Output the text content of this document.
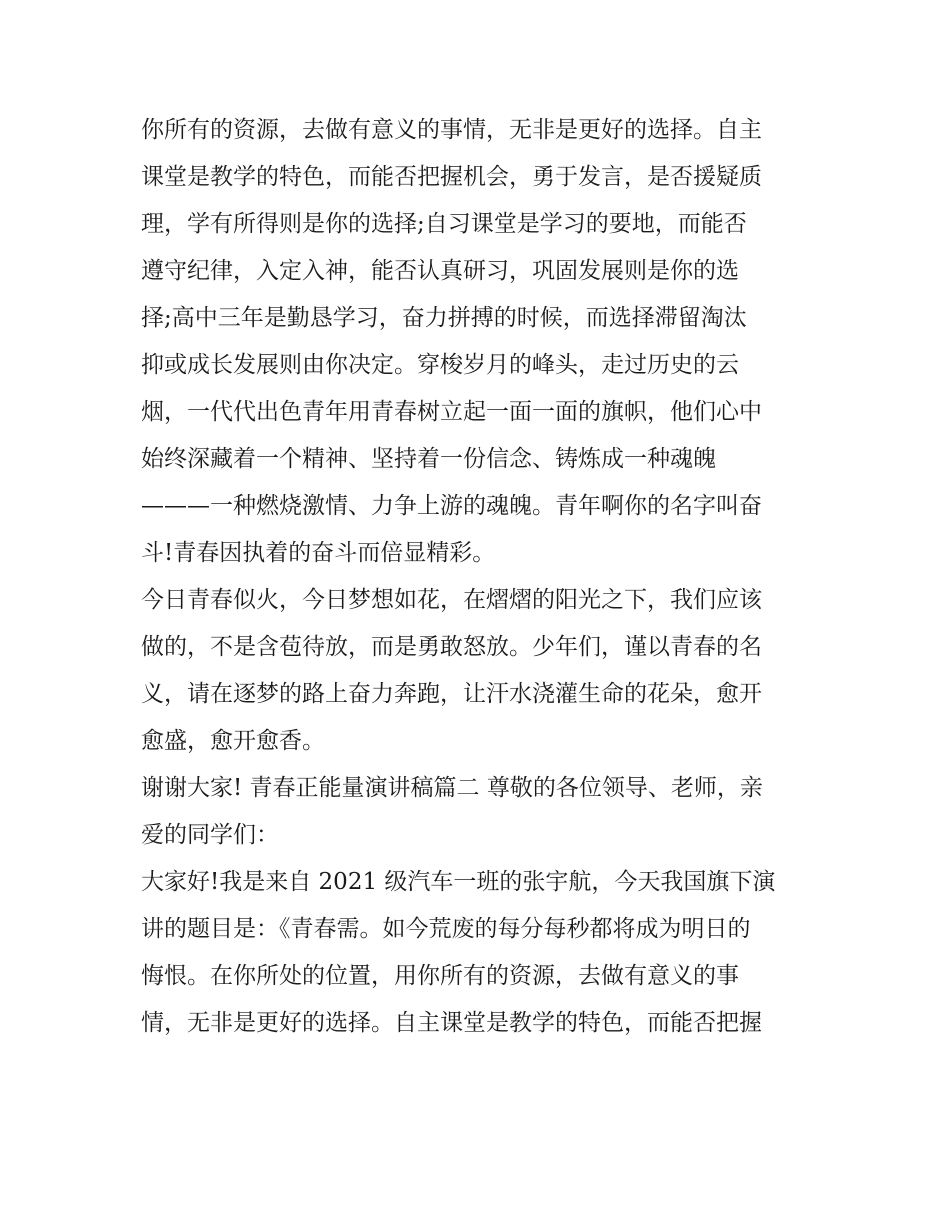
你所有的资源，去做有意义的事情，无非是更好的选择。自主
课堂是教学的特色，而能否把握机会，勇于发言，是否援疑质
理，学有所得则是你的选择;自习课堂是学习的要地，而能否
遵守纪律，入定入神，能否认真研习，巩固发展则是你的选
择;高中三年是勤恳学习，奋力拼搏的时候，而选择滞留淘汰
抑或成长发展则由你决定。穿梭岁月的峰头，走过历史的云
烟，一代代出色青年用青春树立起一面一面的旗帜，他们心中
始终深藏着一个精神、坚持着一份信念、铸炼成一种魂魄
———一种燃烧激情、力争上游的魂魄。青年啊你的名字叫奋
斗!青春因执着的奋斗而倍显精彩。
今日青春似火，今日梦想如花，在熠熠的阳光之下，我们应该
做的，不是含苞待放，而是勇敢怒放。少年们，谨以青春的名
义，请在逐梦的路上奋力奔跑，让汗水浇灌生命的花朵，愈开
愈盛，愈开愈香。
谢谢大家! 青春正能量演讲稿篇二 尊敬的各位领导、老师，亲
爱的同学们：
大家好!我是来自 2021 级汽车一班的张宇航，今天我国旗下演
讲的题目是：《青春需。如今荒废的每分每秒都将成为明日的
悔恨。在你所处的位置，用你所有的资源，去做有意义的事
情，无非是更好的选择。自主课堂是教学的特色，而能否把握
